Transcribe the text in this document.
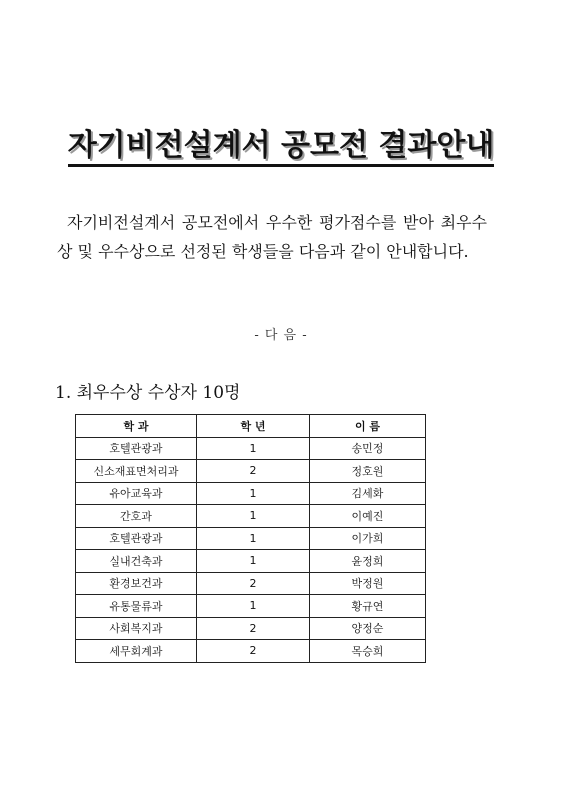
자기비전설계서 공모전 결과안내

자기비전설계서 공모전에서 우수한 평가점수를 받아 최우수상 및 우수상으로 선정된 학생들을 다음과 같이 안내합니다.

- 다 음 -
1. 최우수상 수상자 10명
학 과	학 년	이 름
호텔관광과	1	송민정
신소재표면처리과	2	정호원
유아교육과	1	김세화
간호과	1	이예진
호텔관광과	1	이가희
실내건축과	1	윤정희
환경보건과	2	박정원
유통물류과	1	황규연
사회복지과	2	양정순
세무회계과	2	목승희
